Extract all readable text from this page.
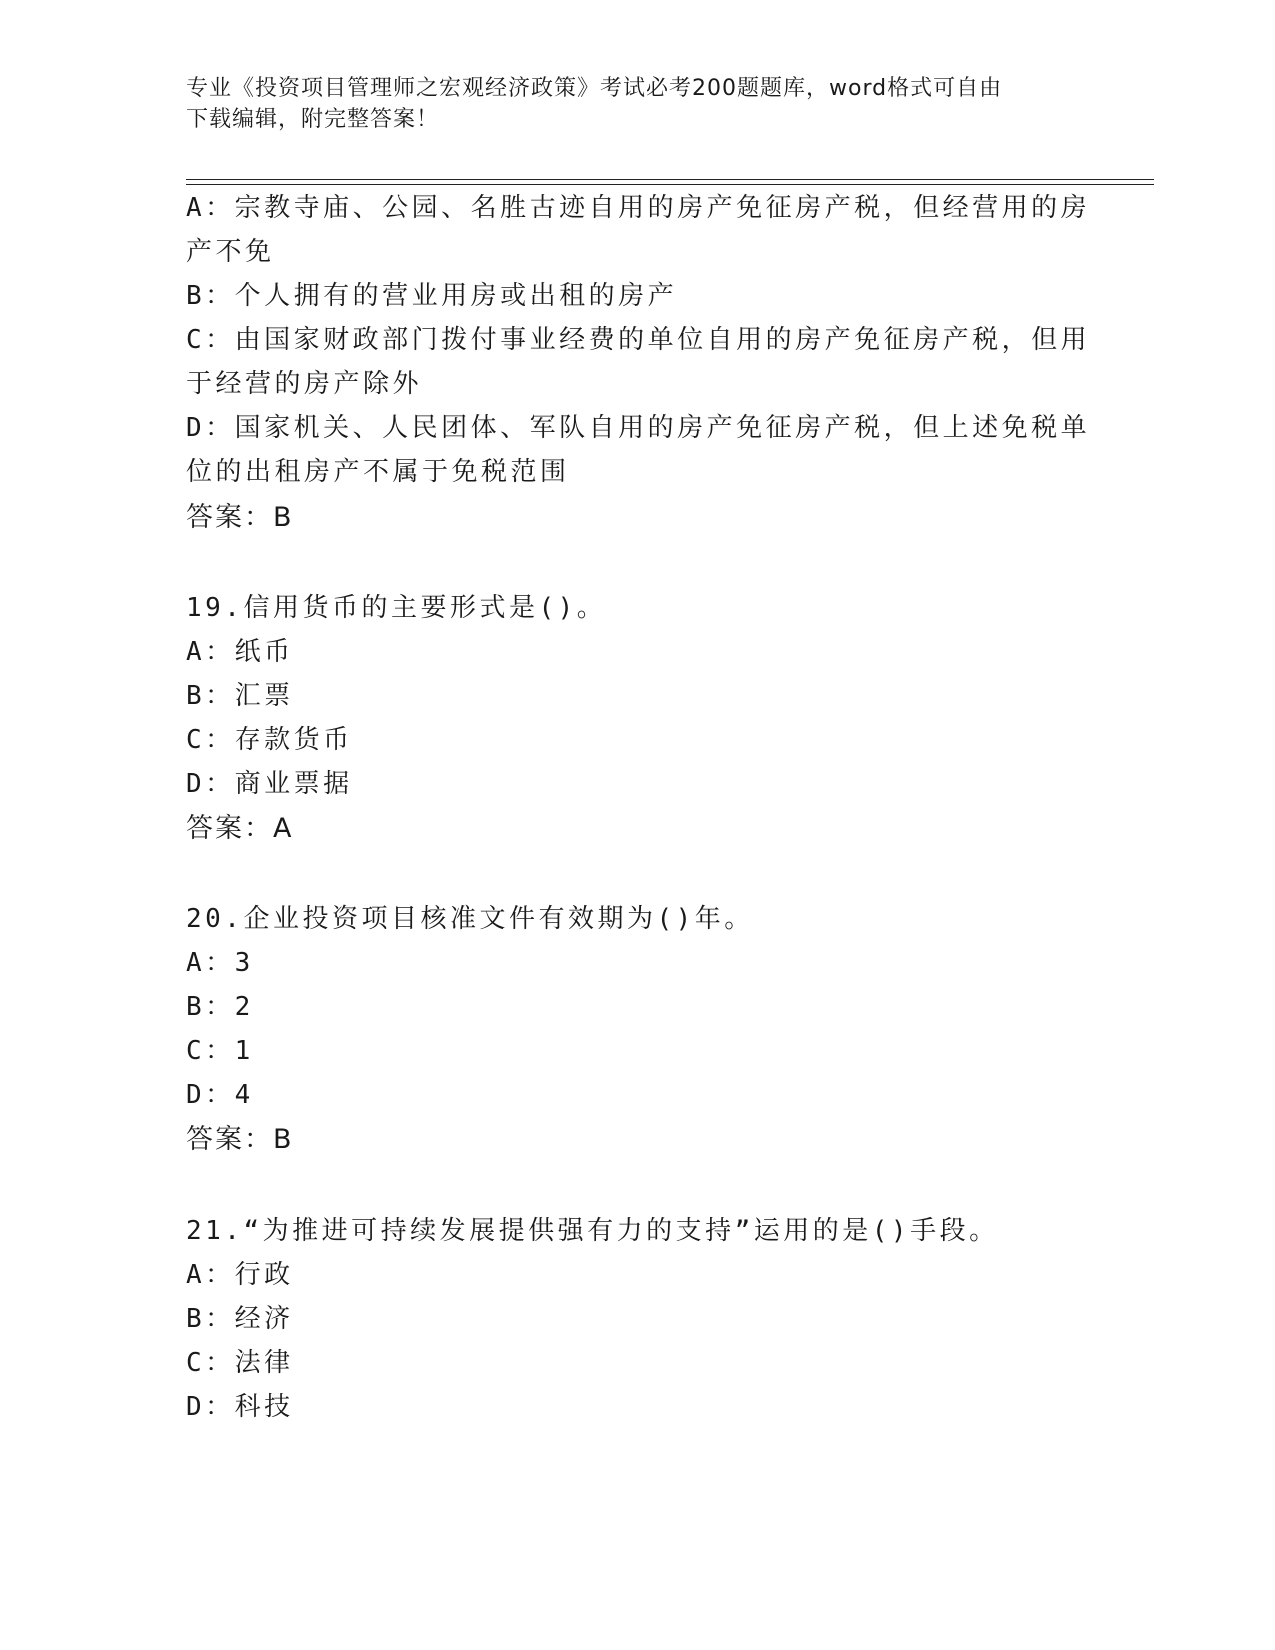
专业《投资项目管理师之宏观经济政策》考试必考200题题库，word格式可自由
下载编辑，附完整答案！
A：宗教寺庙、公园、名胜古迹自用的房产免征房产税，但经营用的房
产不免
B：个人拥有的营业用房或出租的房产
C：由国家财政部门拨付事业经费的单位自用的房产免征房产税，但用
于经营的房产除外
D：国家机关、人民团体、军队自用的房产免征房产税，但上述免税单
位的出租房产不属于免税范围
答案：B
19.信用货币的主要形式是()。
A：纸币
B：汇票
C：存款货币
D：商业票据
答案：A
20.企业投资项目核准文件有效期为()年。
A：3
B：2
C：1
D：4
答案：B
21.“为推进可持续发展提供强有力的支持”运用的是()手段。
A：行政
B：经济
C：法律
D：科技
